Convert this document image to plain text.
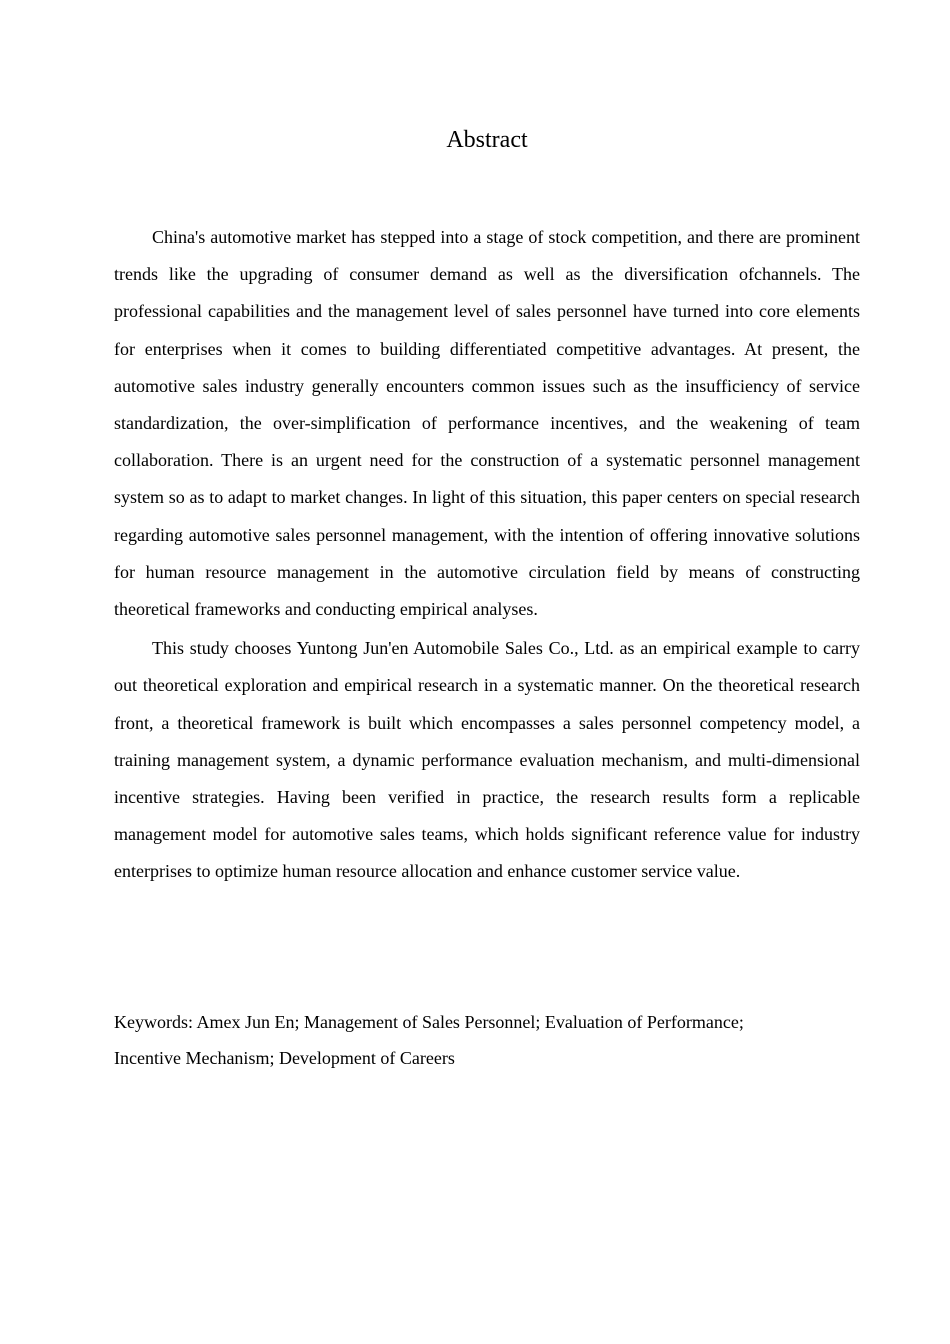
Abstract

China's automotive market has stepped into a stage of stock competition, and there are prominent trends like the upgrading of consumer demand as well as the diversification ofchannels. The professional capabilities and the management level of sales personnel have turned into core elements for enterprises when it comes to building differentiated competitive advantages. At present, the automotive sales industry generally encounters common issues such as the insufficiency of service standardization, the over-simplification of performance incentives, and the weakening of team collaboration. There is an urgent need for the construction of a systematic personnel management system so as to adapt to market changes. In light of this situation, this paper centers on special research regarding automotive sales personnel management, with the intention of offering innovative solutions for human resource management in the automotive circulation field by means of constructing theoretical frameworks and conducting empirical analyses.

This study chooses Yuntong Jun'en Automobile Sales Co., Ltd. as an empirical example to carry out theoretical exploration and empirical research in a systematic manner. On the theoretical research front, a theoretical framework is built which encompasses a sales personnel competency model, a training management system, a dynamic performance evaluation mechanism, and multi-dimensional incentive strategies. Having been verified in practice, the research results form a replicable management model for automotive sales teams, which holds significant reference value for industry enterprises to optimize human resource allocation and enhance customer service value.

Keywords: Amex Jun En; Management of Sales Personnel; Evaluation of Performance;

Incentive Mechanism; Development of Careers
